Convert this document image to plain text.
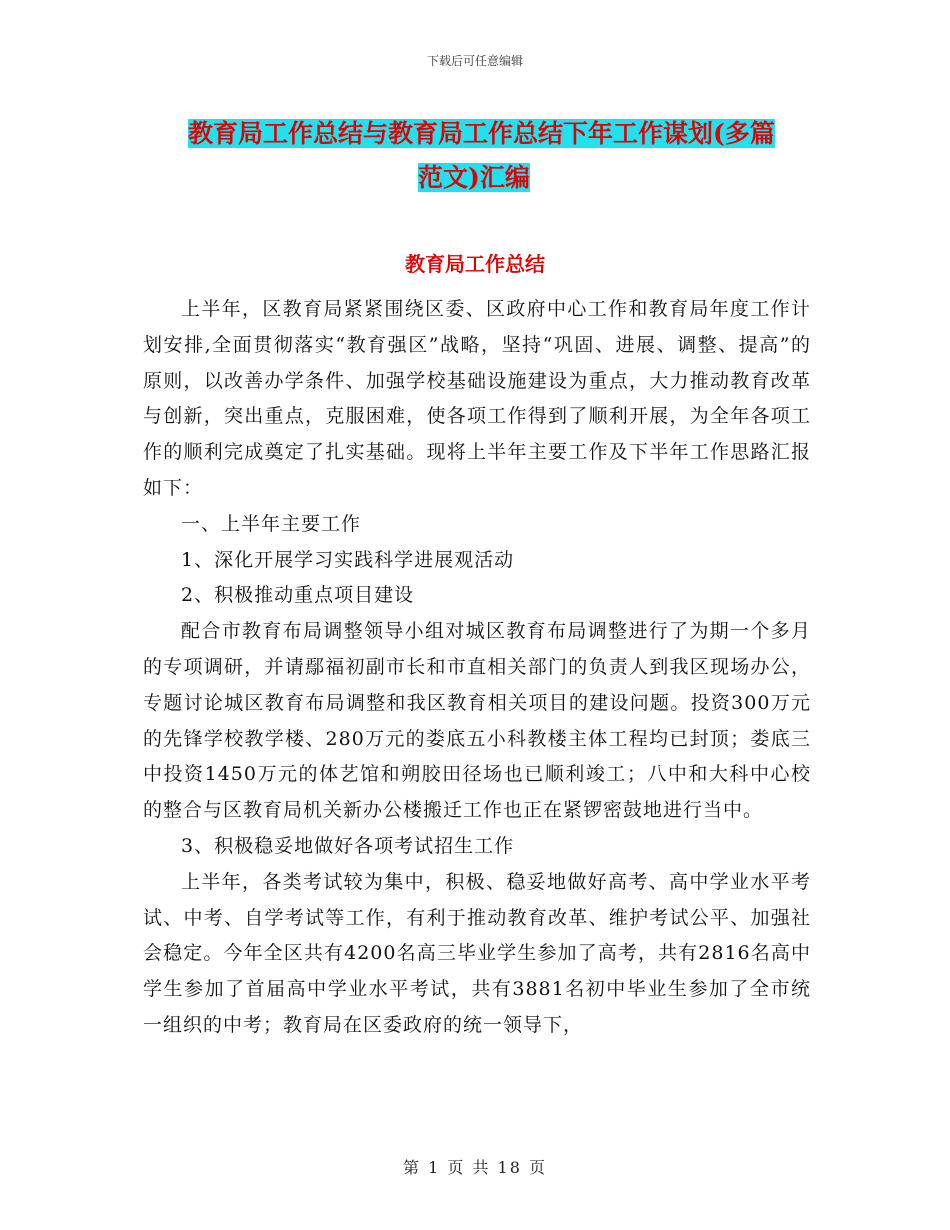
下载后可任意编辑
教育局工作总结与教育局工作总结下年工作谋划(多篇
范文)汇编
教育局工作总结

上半年，区教育局紧紧围绕区委、区政府中心工作和教育局年度工作计划安排,全面贯彻落实“教育强区”战略，坚持“巩固、进展、调整、提高”的原则，以改善办学条件、加强学校基础设施建设为重点，大力推动教育改革与创新，突出重点，克服困难，使各项工作得到了顺利开展，为全年各项工作的顺利完成奠定了扎实基础。现将上半年主要工作及下半年工作思路汇报如下：

一、上半年主要工作

1、深化开展学习实践科学进展观活动

2、积极推动重点项目建设

配合市教育布局调整领导小组对城区教育布局调整进行了为期一个多月的专项调研，并请鄢福初副市长和市直相关部门的负责人到我区现场办公，专题讨论城区教育布局调整和我区教育相关项目的建设问题。投资300万元的先锋学校教学楼、280万元的娄底五小科教楼主体工程均已封顶；娄底三中投资1450万元的体艺馆和朔胶田径场也已顺利竣工；八中和大科中心校的整合与区教育局机关新办公楼搬迁工作也正在紧锣密鼓地进行当中。

3、积极稳妥地做好各项考试招生工作

上半年，各类考试较为集中，积极、稳妥地做好高考、高中学业水平考试、中考、自学考试等工作，有利于推动教育改革、维护考试公平、加强社会稳定。今年全区共有4200名高三毕业学生参加了高考，共有2816名高中学生参加了首届高中学业水平考试，共有3881名初中毕业生参加了全市统一组织的中考；教育局在区委政府的统一领导下，

第 1 页 共 18 页
